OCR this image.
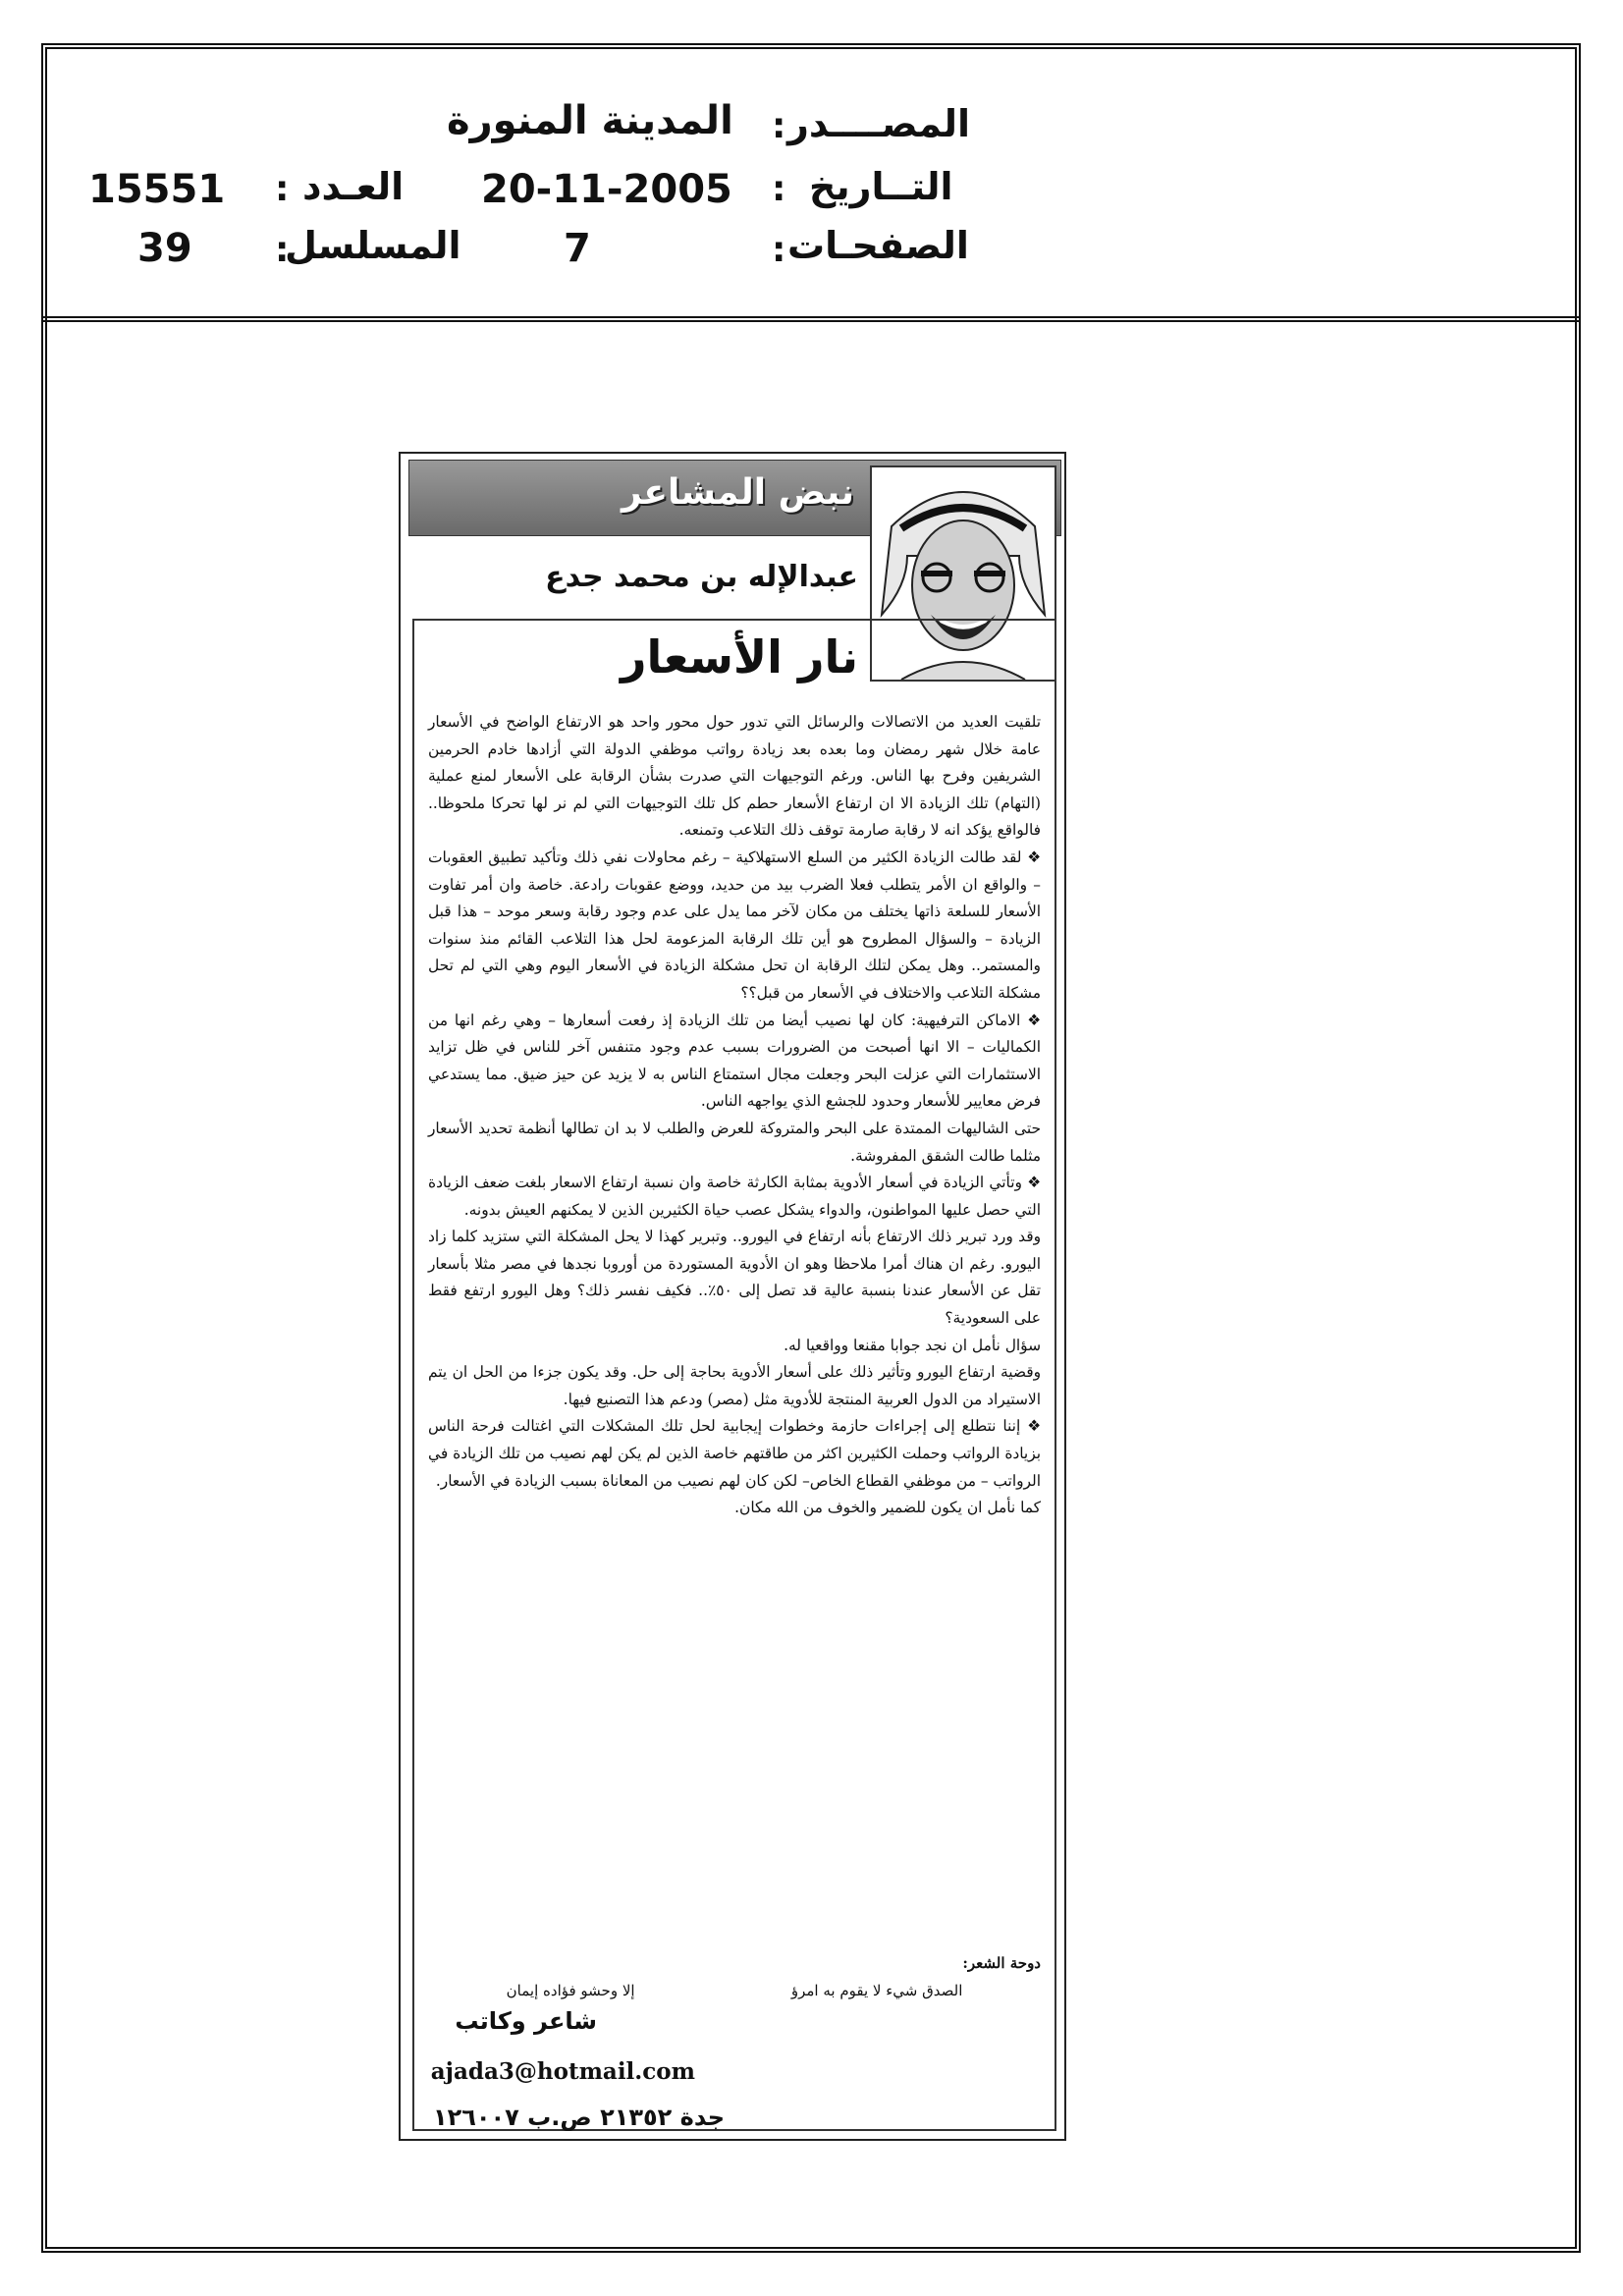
المصــــدر
:
المدينة المنورة
التــاريخ
:
20-11-2005
الصفحـات
:
7
العـدد
:
15551
المسلسل
:
39
نبض المشاعر
عبدالإله بن محمد جدع
نار الأسعار

تلقيت العديد من الاتصالات والرسائل التي تدور حول محور واحد هو الارتفاع الواضح في الأسعار عامة خلال شهر رمضان وما بعده بعد زيادة رواتب موظفي الدولة التي أزادها خادم الحرمين الشريفين وفرح بها الناس. ورغم التوجيهات التي صدرت بشأن الرقابة على الأسعار لمنع عملية (التهام) تلك الزيادة الا ان ارتفاع الأسعار حطم كل تلك التوجيهات التي لم نر لها تحركا ملحوظا.. فالواقع يؤكد انه لا رقابة صارمة توقف ذلك التلاعب وتمنعه.

❖ لقد طالت الزيادة الكثير من السلع الاستهلاكية – رغم محاولات نفي ذلك وتأكيد تطبيق العقوبات – والواقع ان الأمر يتطلب فعلا الضرب بيد من حديد، ووضع عقوبات رادعة. خاصة وان أمر تفاوت الأسعار للسلعة ذاتها يختلف من مكان لآخر مما يدل على عدم وجود رقابة وسعر موحد – هذا قبل الزيادة – والسؤال المطروح هو أين تلك الرقابة المزعومة لحل هذا التلاعب القائم منذ سنوات والمستمر.. وهل يمكن لتلك الرقابة ان تحل مشكلة الزيادة في الأسعار اليوم وهي التي لم تحل مشكلة التلاعب والاختلاف في الأسعار من قبل؟؟

❖ الاماكن الترفيهية: كان لها نصيب أيضا من تلك الزيادة إذ رفعت أسعارها – وهي رغم انها من الكماليات – الا انها أصبحت من الضرورات بسبب عدم وجود متنفس آخر للناس في ظل تزايد الاستثمارات التي عزلت البحر وجعلت مجال استمتاع الناس به لا يزيد عن حيز ضيق. مما يستدعي فرض معايير للأسعار وحدود للجشع الذي يواجهه الناس.

حتى الشاليهات الممتدة على البحر والمتروكة للعرض والطلب لا بد ان تطالها أنظمة تحديد الأسعار مثلما طالت الشقق المفروشة.

❖ وتأتي الزيادة في أسعار الأدوية بمثابة الكارثة خاصة وان نسبة ارتفاع الاسعار بلغت ضعف الزيادة التي حصل عليها المواطنون، والدواء يشكل عصب حياة الكثيرين الذين لا يمكنهم العيش بدونه.

وقد ورد تبرير ذلك الارتفاع بأنه ارتفاع في اليورو.. وتبرير كهذا لا يحل المشكلة التي ستزيد كلما زاد اليورو. رغم ان هناك أمرا ملاحظا وهو ان الأدوية المستوردة من أوروبا نجدها في مصر مثلا بأسعار تقل عن الأسعار عندنا بنسبة عالية قد تصل إلى ٥٠٪.. فكيف نفسر ذلك؟ وهل اليورو ارتفع فقط على السعودية؟

سؤال نأمل ان نجد جوابا مقنعا وواقعيا له.

وقضية ارتفاع اليورو وتأثير ذلك على أسعار الأدوية بحاجة إلى حل. وقد يكون جزءا من الحل ان يتم الاستيراد من الدول العربية المنتجة للأدوية مثل (مصر) ودعم هذا التصنيع فيها.

❖ إننا نتطلع إلى إجراءات حازمة وخطوات إيجابية لحل تلك المشكلات التي اغتالت فرحة الناس بزيادة الرواتب وحملت الكثيرين اكثر من طاقتهم خاصة الذين لم يكن لهم نصيب من تلك الزيادة في الرواتب – من موظفي القطاع الخاص– لكن كان لهم نصيب من المعاناة بسبب الزيادة في الأسعار.

كما نأمل ان يكون للضمير والخوف من الله مكان.

دوحة الشعر:
الصدق شيء لا يقوم به امرؤ
إلا وحشو فؤاده إيمان
شاعر وكاتب
ajada3@hotmail.com
جدة ٢١٣٥٢ ص.ب ١٢٦٠٠٧
